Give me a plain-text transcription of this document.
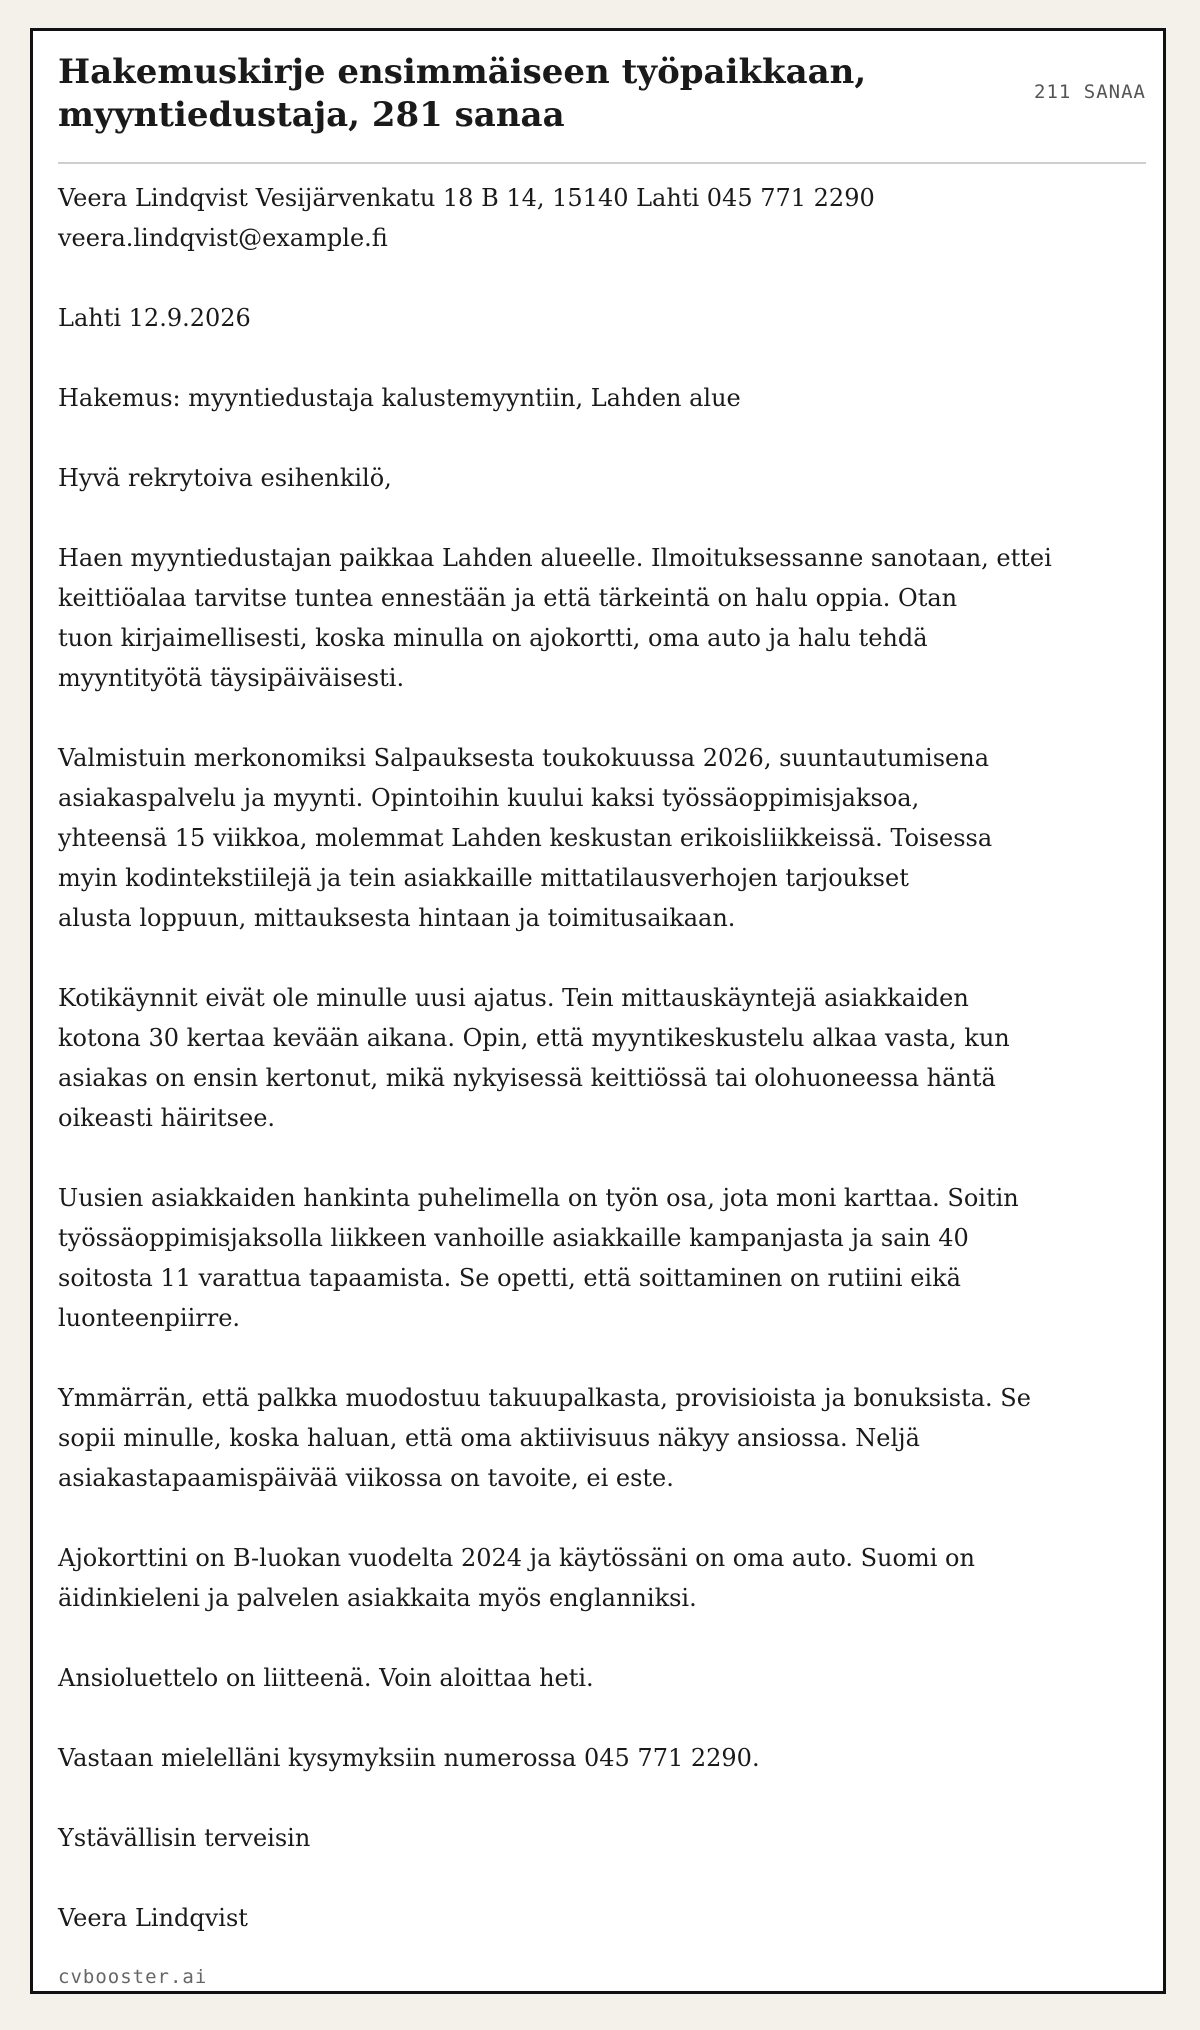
Hakemuskirje ensimmäiseen työpaikkaan, myyntiedustaja, 281 sanaa
211 SANAA

Veera Lindqvist Vesijärvenkatu 18 B 14, 15140 Lahti 045 771 2290
veera.lindqvist@example.fi

Lahti 12.9.2026

Hakemus: myyntiedustaja kalustemyyntiin, Lahden alue

Hyvä rekrytoiva esihenkilö,

Haen myyntiedustajan paikkaa Lahden alueelle. Ilmoituksessanne sanotaan, ettei
keittiöalaa tarvitse tuntea ennestään ja että tärkeintä on halu oppia. Otan
tuon kirjaimellisesti, koska minulla on ajokortti, oma auto ja halu tehdä
myyntityötä täysipäiväisesti.

Valmistuin merkonomiksi Salpauksesta toukokuussa 2026, suuntautumisena
asiakaspalvelu ja myynti. Opintoihin kuului kaksi työssäoppimisjaksoa,
yhteensä 15 viikkoa, molemmat Lahden keskustan erikoisliikkeissä. Toisessa
myin kodintekstiilejä ja tein asiakkaille mittatilausverhojen tarjoukset
alusta loppuun, mittauksesta hintaan ja toimitusaikaan.

Kotikäynnit eivät ole minulle uusi ajatus. Tein mittauskäyntejä asiakkaiden
kotona 30 kertaa kevään aikana. Opin, että myyntikeskustelu alkaa vasta, kun
asiakas on ensin kertonut, mikä nykyisessä keittiössä tai olohuoneessa häntä
oikeasti häiritsee.

Uusien asiakkaiden hankinta puhelimella on työn osa, jota moni karttaa. Soitin
työssäoppimisjaksolla liikkeen vanhoille asiakkaille kampanjasta ja sain 40
soitosta 11 varattua tapaamista. Se opetti, että soittaminen on rutiini eikä
luonteenpiirre.

Ymmärrän, että palkka muodostuu takuupalkasta, provisioista ja bonuksista. Se
sopii minulle, koska haluan, että oma aktiivisuus näkyy ansiossa. Neljä
asiakastapaamispäivää viikossa on tavoite, ei este.

Ajokorttini on B-luokan vuodelta 2024 ja käytössäni on oma auto. Suomi on
äidinkieleni ja palvelen asiakkaita myös englanniksi.

Ansioluettelo on liitteenä. Voin aloittaa heti.

Vastaan mielelläni kysymyksiin numerossa 045 771 2290.

Ystävällisin terveisin

Veera Lindqvist

cvbooster.ai
